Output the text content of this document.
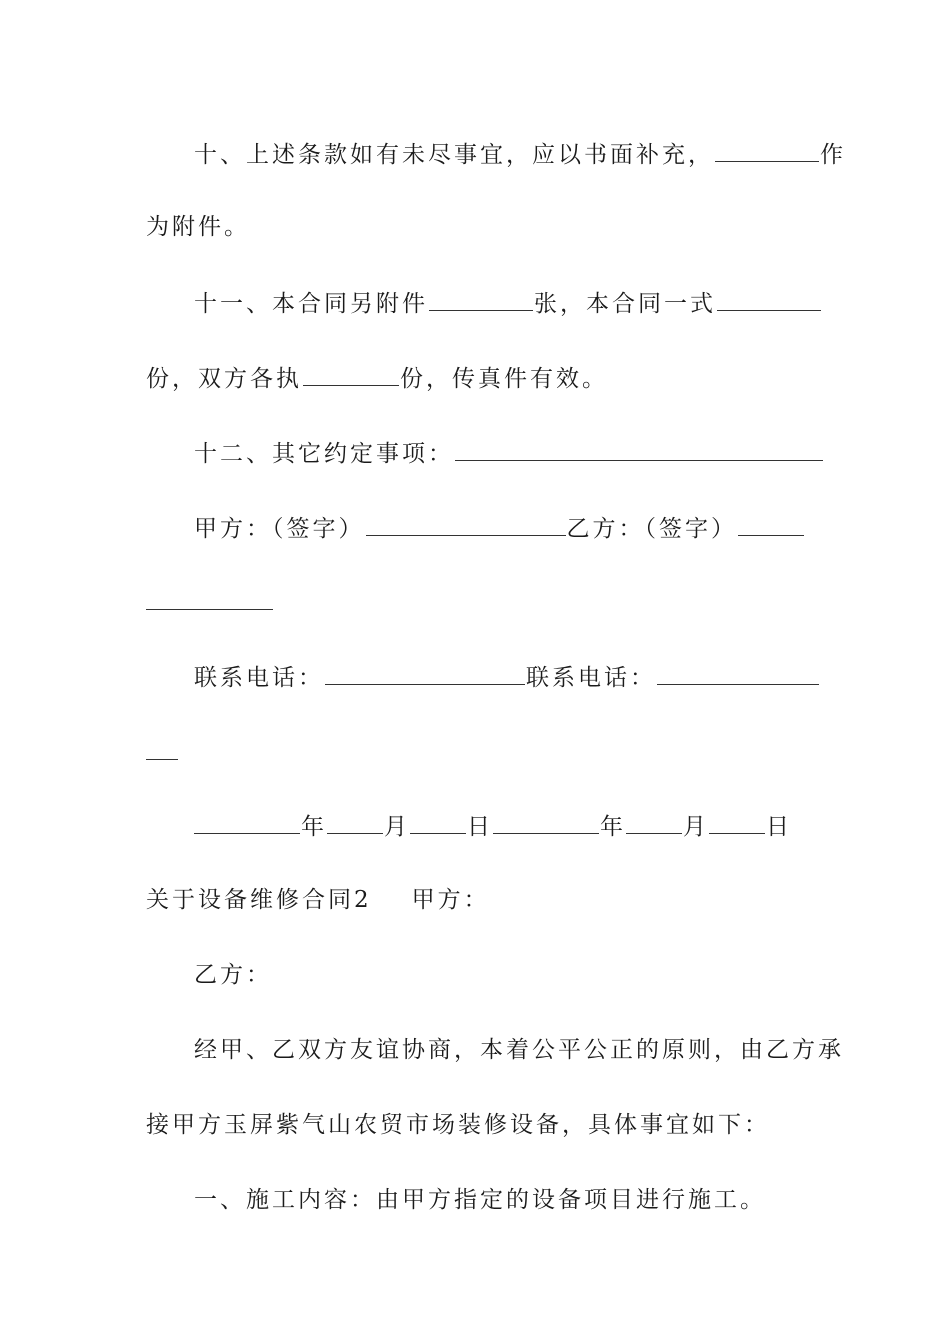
十、上述条款如有未尽事宜，应以书面补充，	作
为附件。
十一、本合同另附件	张，本合同一式
份，双方各执	份，传真件有效。
十二、其它约定事项：
甲方：（签字）	乙方：（签字）
联系电话：	联系电话：
年	月	日	年	月	日
关于设备维修合同2 甲方：
乙方：
经甲、乙双方友谊协商，本着公平公正的原则，由乙方承
接甲方玉屏紫气山农贸市场装修设备，具体事宜如下：
一、施工内容：由甲方指定的设备项目进行施工。
